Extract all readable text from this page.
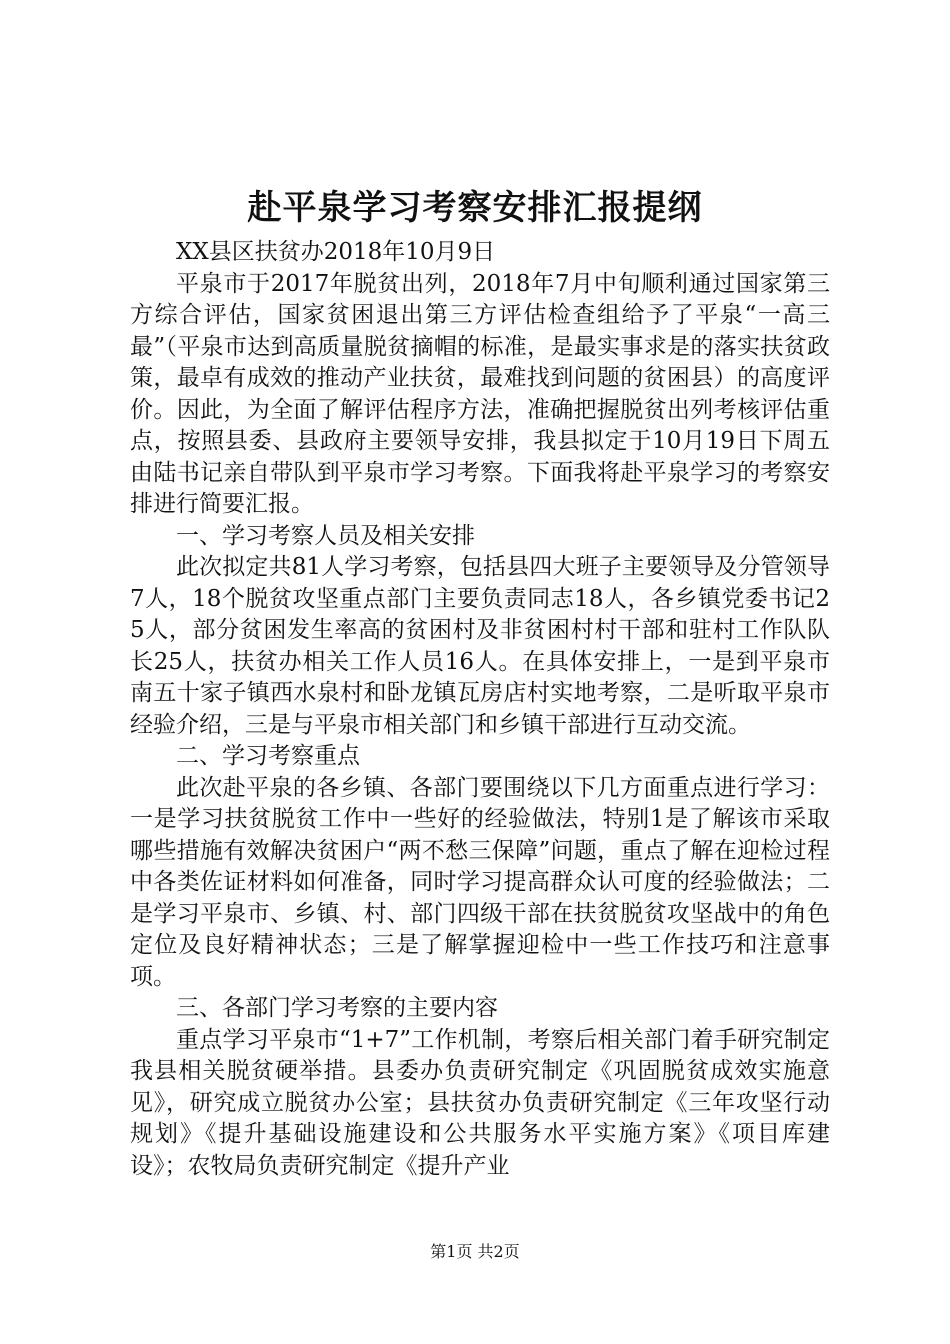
赴平泉学习考察安排汇报提纲

XX县区扶贫办2018年10月9日

平泉市于2017年脱贫出列，2018年7月中旬顺利通过国家第三方综合评估，国家贫困退出第三方评估检查组给予了平泉“一高三最”（平泉市达到高质量脱贫摘帽的标准，是最实事求是的落实扶贫政策，最卓有成效的推动产业扶贫，最难找到问题的贫困县）的高度评价。因此，为全面了解评估程序方法，准确把握脱贫出列考核评估重点，按照县委、县政府主要领导安排，我县拟定于10月19日下周五由陆书记亲自带队到平泉市学习考察。下面我将赴平泉学习的考察安排进行简要汇报。

一、学习考察人员及相关安排

此次拟定共81人学习考察，包括县四大班子主要领导及分管领导7人，18个脱贫攻坚重点部门主要负责同志18人，各乡镇党委书记25人，部分贫困发生率高的贫困村及非贫困村村干部和驻村工作队队长25人，扶贫办相关工作人员16人。在具体安排上，一是到平泉市南五十家子镇西水泉村和卧龙镇瓦房店村实地考察，二是听取平泉市经验介绍，三是与平泉市相关部门和乡镇干部进行互动交流。

二、学习考察重点

此次赴平泉的各乡镇、各部门要围绕以下几方面重点进行学习：一是学习扶贫脱贫工作中一些好的经验做法，特别1是了解该市采取哪些措施有效解决贫困户“两不愁三保障”问题，重点了解在迎检过程中各类佐证材料如何准备，同时学习提高群众认可度的经验做法；二是学习平泉市、乡镇、村、部门四级干部在扶贫脱贫攻坚战中的角色定位及良好精神状态；三是了解掌握迎检中一些工作技巧和注意事项。

三、各部门学习考察的主要内容

重点学习平泉市“1+7”工作机制，考察后相关部门着手研究制定我县相关脱贫硬举措。县委办负责研究制定《巩固脱贫成效实施意见》，研究成立脱贫办公室；县扶贫办负责研究制定《三年攻坚行动规划》《提升基础设施建设和公共服务水平实施方案》《项目库建设》；农牧局负责研究制定《提升产业

第1页 共2页
